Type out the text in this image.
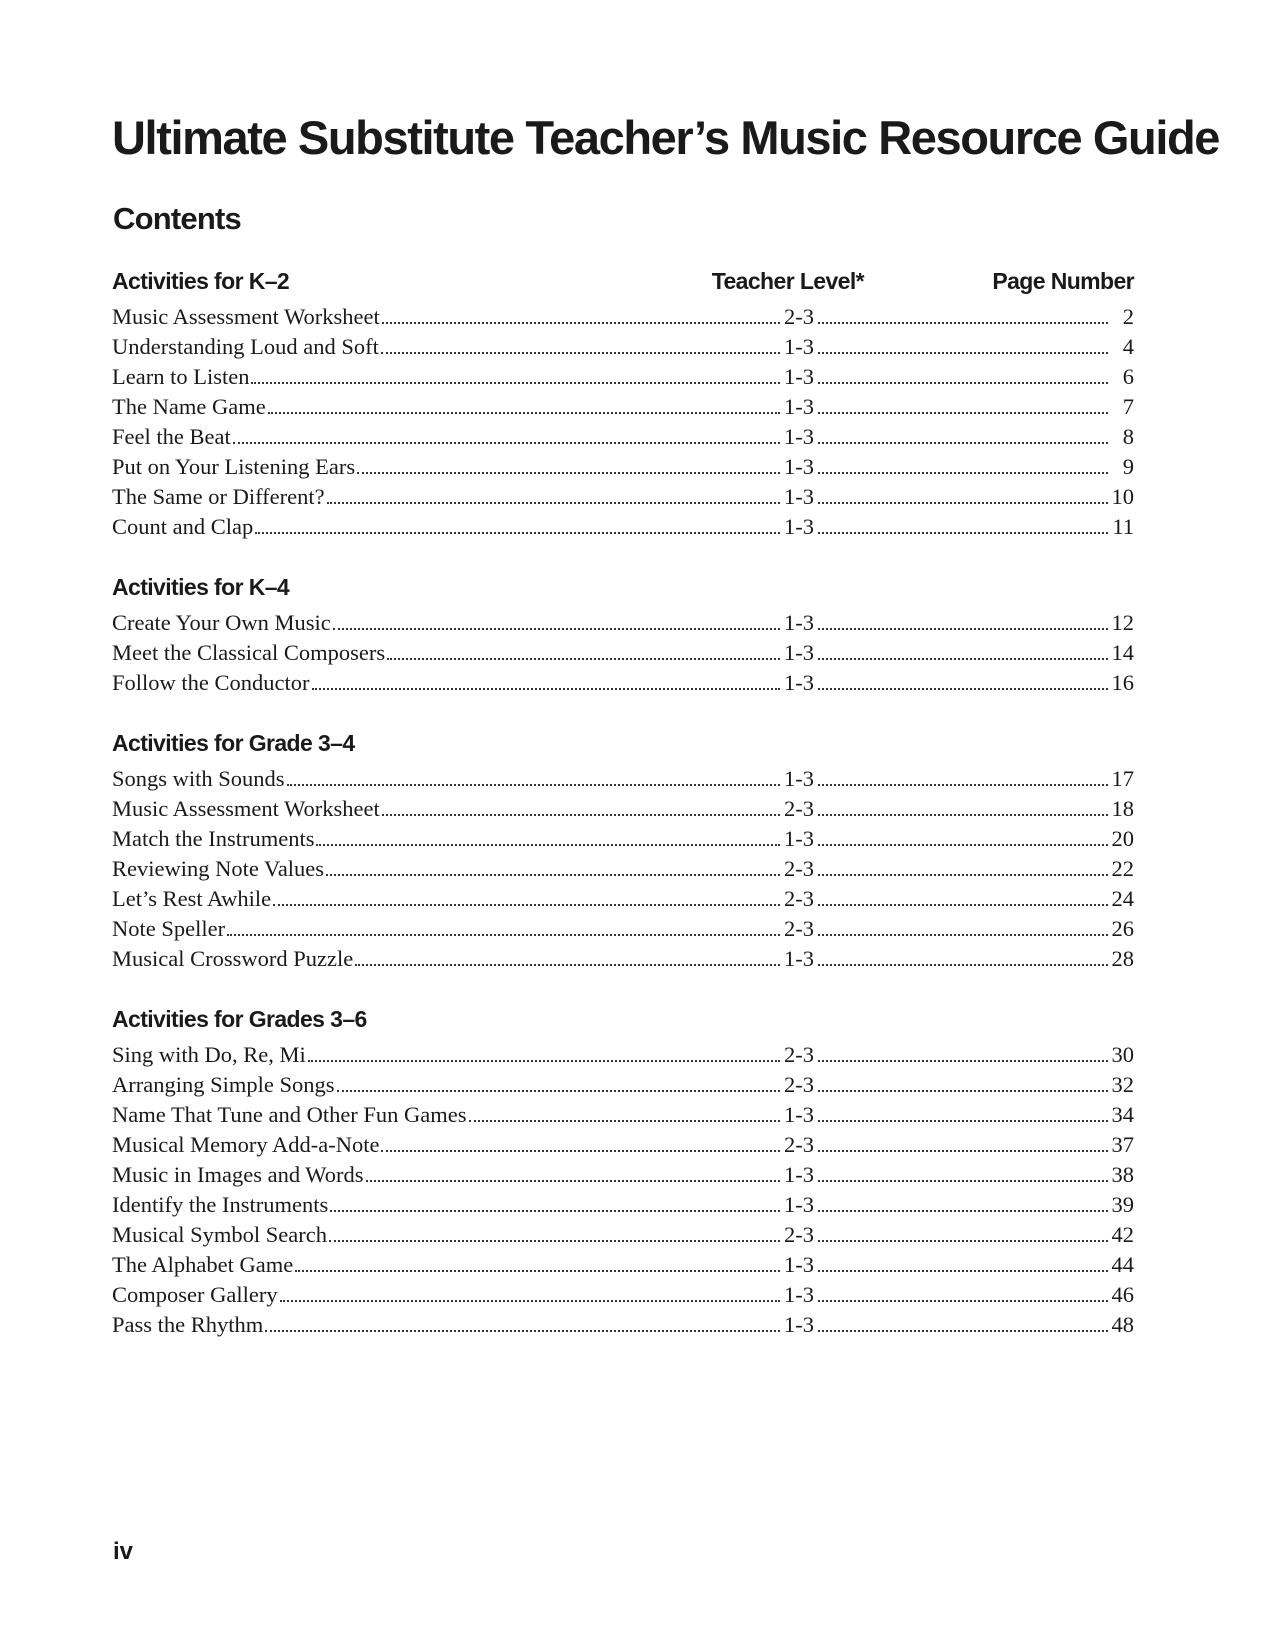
Ultimate Substitute Teacher’s Music Resource Guide
Contents
Activities for K–2	Teacher Level*	Page Number
Music Assessment Worksheet	2-3	2
Understanding Loud and Soft	1-3	4
Learn to Listen	1-3	6
The Name Game	1-3	7
Feel the Beat	1-3	8
Put on Your Listening Ears	1-3	9
The Same or Different?	1-3	10
Count and Clap	1-3	11
Activities for K–4
Create Your Own Music	1-3	12
Meet the Classical Composers	1-3	14
Follow the Conductor	1-3	16
Activities for Grade 3–4
Songs with Sounds	1-3	17
Music Assessment Worksheet	2-3	18
Match the Instruments	1-3	20
Reviewing Note Values	2-3	22
Let’s Rest Awhile	2-3	24
Note Speller	2-3	26
Musical Crossword Puzzle	1-3	28
Activities for Grades 3–6
Sing with Do, Re, Mi	2-3	30
Arranging Simple Songs	2-3	32
Name That Tune and Other Fun Games	1-3	34
Musical Memory Add-a-Note	2-3	37
Music in Images and Words	1-3	38
Identify the Instruments	1-3	39
Musical Symbol Search	2-3	42
The Alphabet Game	1-3	44
Composer Gallery	1-3	46
Pass the Rhythm	1-3	48
iv
